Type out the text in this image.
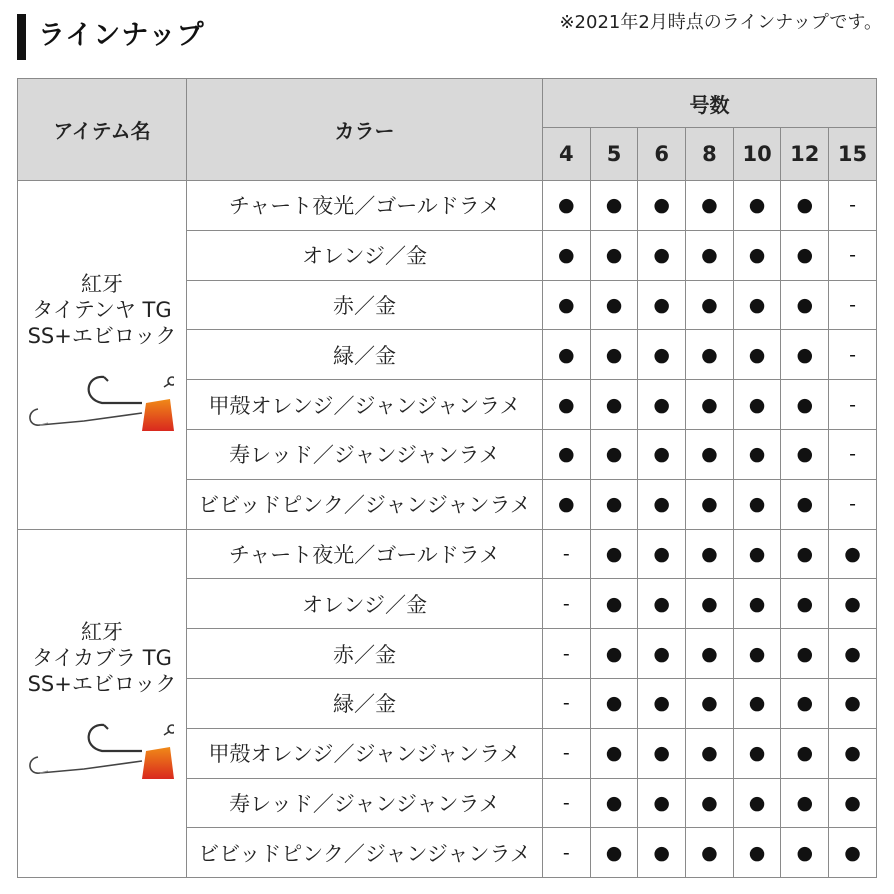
ラインナップ	※2021年2月時点のラインナップです。
アイテム名	カラー	号数						
		4	5	6	8	10	12	15

紅牙
タイテンヤ TG
SS+エビロック	チャート夜光／ゴールドラメ	●	●	●	●	●	●	-
	オレンジ／金	●	●	●	●	●	●	-
	赤／金	●	●	●	●	●	●	-
	緑／金	●	●	●	●	●	●	-
	甲殻オレンジ／ジャンジャンラメ	●	●	●	●	●	●	-
	寿レッド／ジャンジャンラメ	●	●	●	●	●	●	-
	ビビッドピンク／ジャンジャンラメ	●	●	●	●	●	●	-

紅牙
タイカブラ TG
SS+エビロック	チャート夜光／ゴールドラメ	-	●	●	●	●	●	●
	オレンジ／金	-	●	●	●	●	●	●
	赤／金	-	●	●	●	●	●	●
	緑／金	-	●	●	●	●	●	●
	甲殻オレンジ／ジャンジャンラメ	-	●	●	●	●	●	●
	寿レッド／ジャンジャンラメ	-	●	●	●	●	●	●
	ビビッドピンク／ジャンジャンラメ	-	●	●	●	●	●	●
